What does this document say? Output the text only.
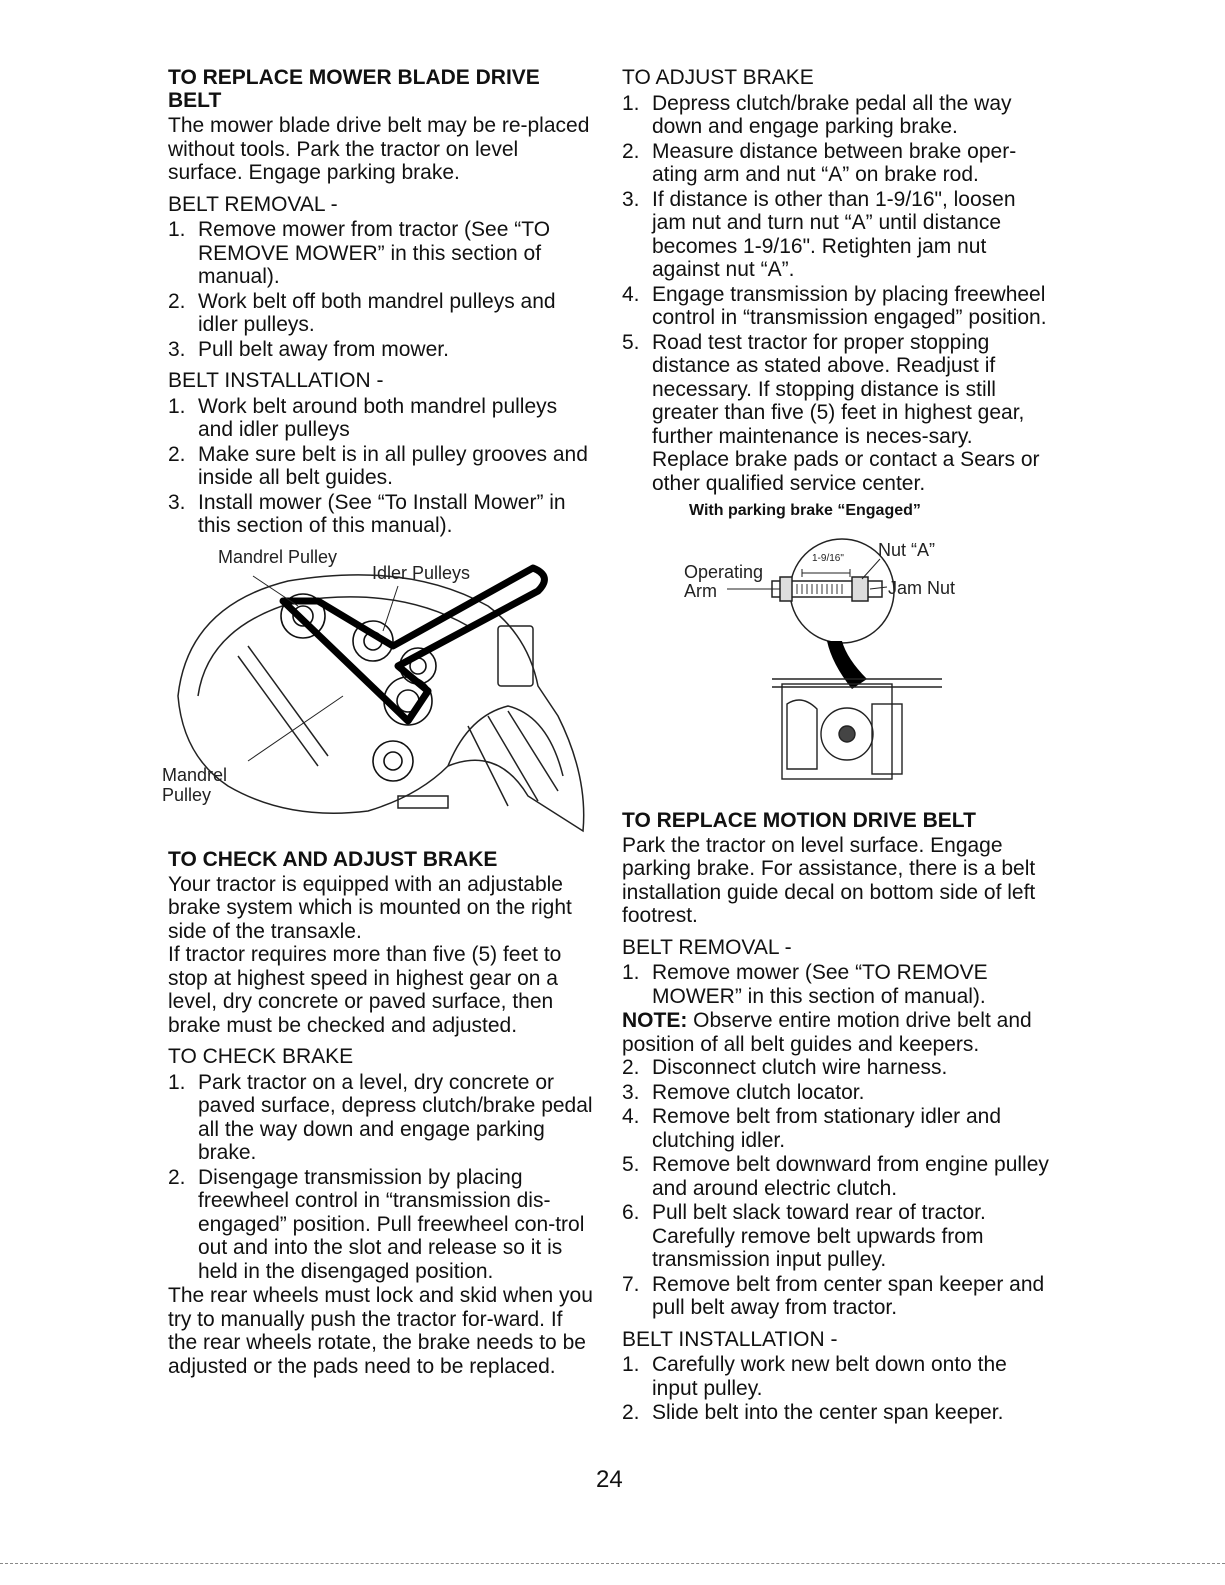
TO REPLACE MOWER BLADE DRIVE BELT

The mower blade drive belt may be re-placed without tools. Park the tractor on level surface. Engage parking brake.

BELT REMOVAL -
1. Remove mower from tractor (See “TO REMOVE MOWER” in this section of manual).
2. Work belt off both mandrel pulleys and idler pulleys.
3. Pull belt away from mower.
BELT INSTALLATION -
1. Work belt around both mandrel pulleys and idler pulleys
2. Make sure belt is in all pulley grooves and inside all belt guides.
3. Install mower (See “To Install Mower” in this section of this manual).
Mandrel Pulley
Idler Pulleys
Mandrel
Pulley
TO CHECK AND ADJUST BRAKE

Your tractor is equipped with an adjustable brake system which is mounted on the right side of the transaxle.

If tractor requires more than five (5) feet to stop at highest speed in highest gear on a level, dry concrete or paved surface, then brake must be checked and adjusted.

TO CHECK BRAKE
1. Park tractor on a level, dry concrete or paved surface, depress clutch/brake pedal all the way down and engage parking brake.
2. Disengage transmission by placing freewheel control in “transmission dis-engaged” position. Pull freewheel con-trol out and into the slot and release so it is held in the disengaged position.

The rear wheels must lock and skid when you try to manually push the tractor for-ward. If the rear wheels rotate, the brake needs to be adjusted or the pads need to be replaced.

TO ADJUST BRAKE
1. Depress clutch/brake pedal all the way down and engage parking brake.
2. Measure distance between brake oper-ating arm and nut “A” on brake rod.
3. If distance is other than 1-9/16", loosen jam nut and turn nut “A” until distance becomes 1-9/16". Retighten jam nut against nut “A”.
4. Engage transmission by placing freewheel control in “transmission engaged” position.
5. Road test tractor for proper stopping distance as stated above. Readjust if necessary. If stopping distance is still greater than five (5) feet in highest gear, further maintenance is neces-sary. Replace brake pads or contact a Sears or other qualified service center.
With parking brake “Engaged”
Operating
Arm
1-9/16" Nut “A”
Jam Nut
TO REPLACE MOTION DRIVE BELT

Park the tractor on level surface. Engage parking brake. For assistance, there is a belt installation guide decal on bottom side of left footrest.

BELT REMOVAL -
1. Remove mower (See “TO REMOVE MOWER” in this section of manual).

NOTE: Observe entire motion drive belt and position of all belt guides and keepers.

2. Disconnect clutch wire harness.
3. Remove clutch locator.
4. Remove belt from stationary idler and clutching idler.
5. Remove belt downward from engine pulley and around electric clutch.
6. Pull belt slack toward rear of tractor. Carefully remove belt upwards from transmission input pulley.
7. Remove belt from center span keeper and pull belt away from tractor.
BELT INSTALLATION -
1. Carefully work new belt down onto the input pulley.
2. Slide belt into the center span keeper.
24
